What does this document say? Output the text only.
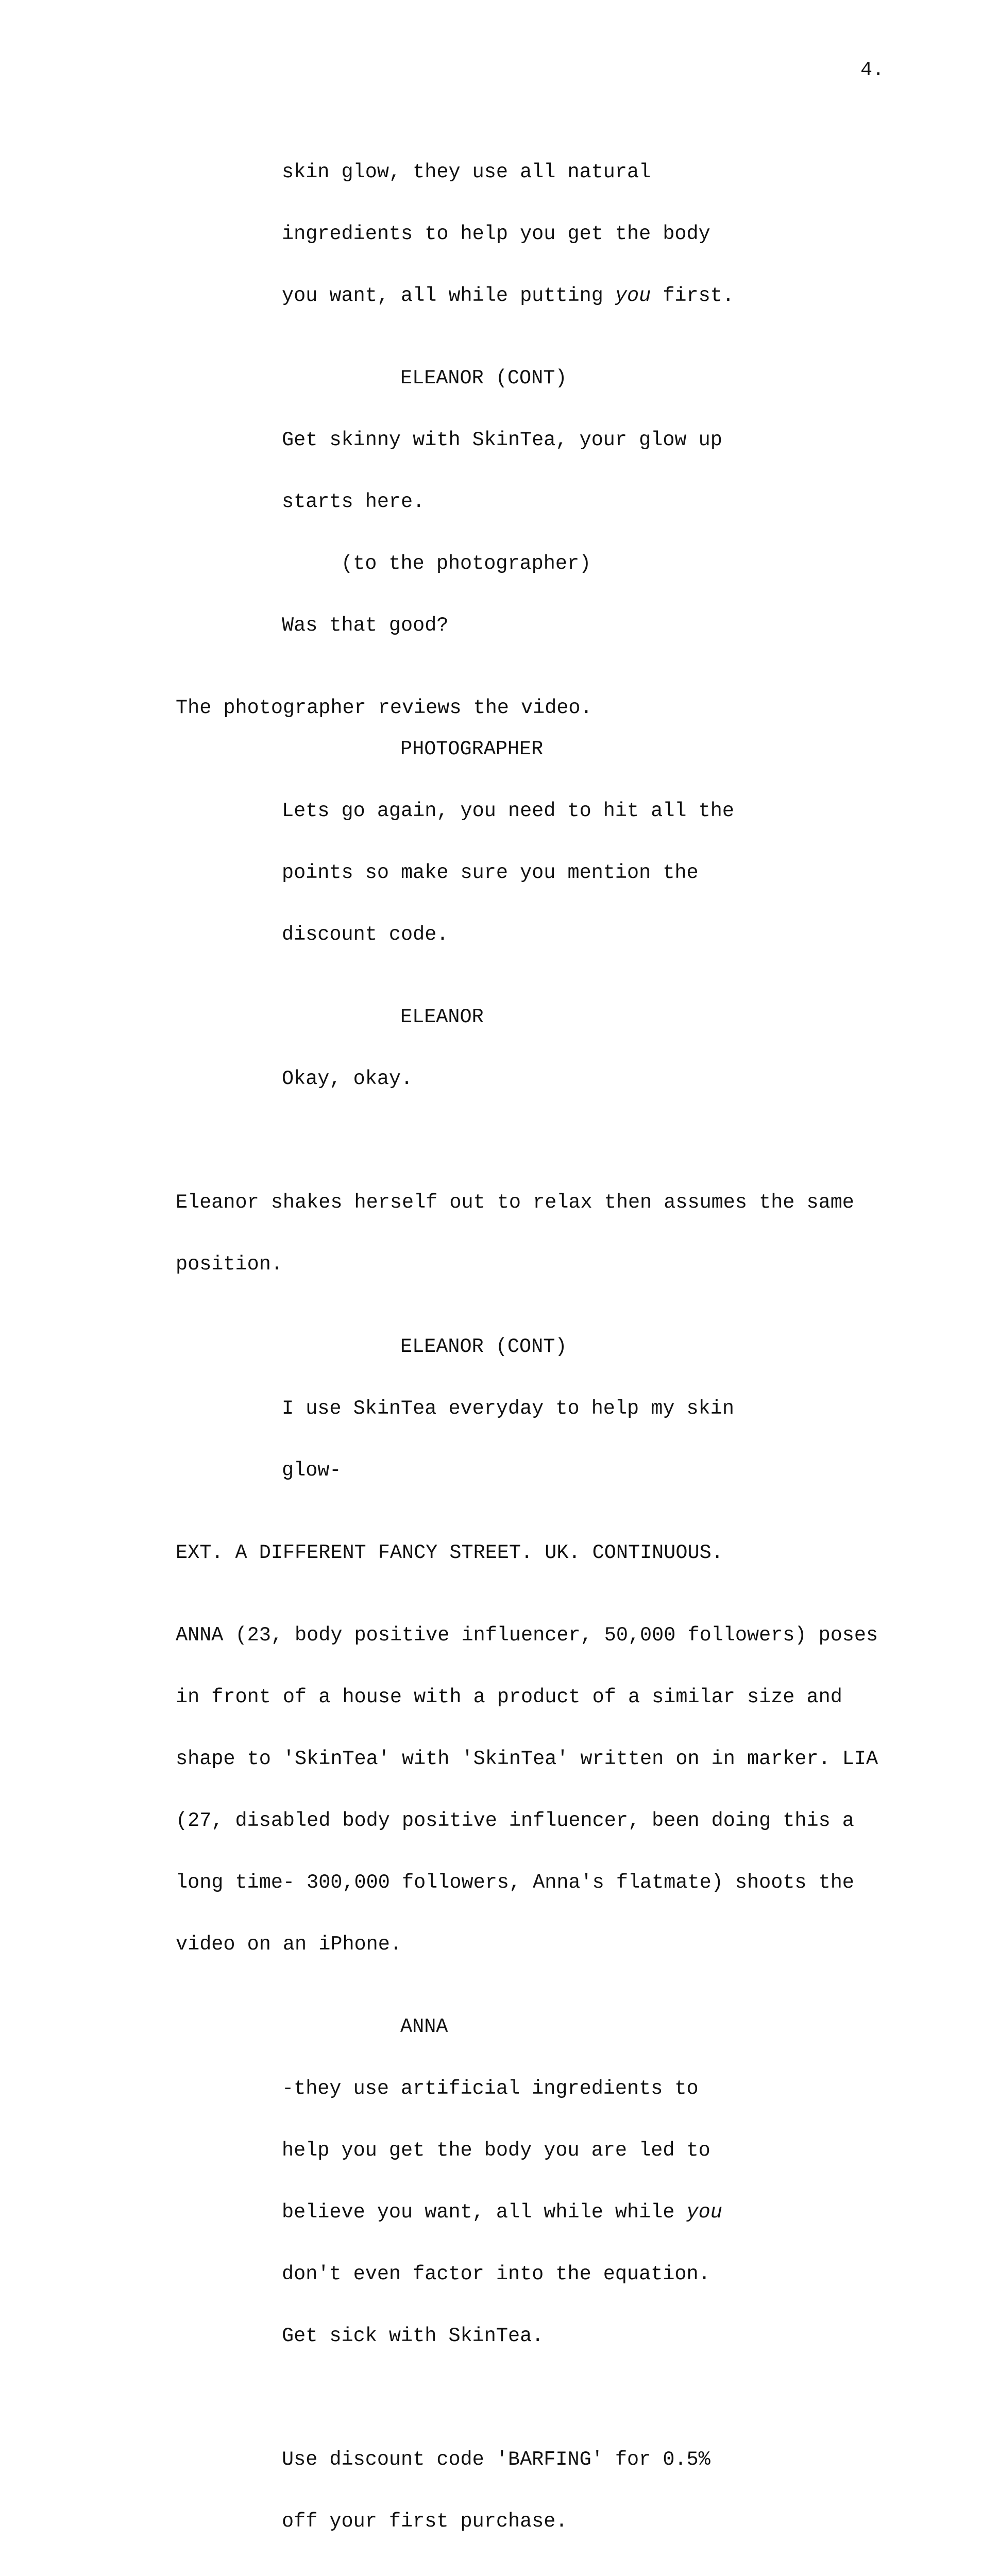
4.

skin glow, they use all natural

ingredients to help you get the body

you want, all while putting you first.

ELEANOR (CONT)

Get skinny with SkinTea, your glow up

starts here.

(to the photographer)

Was that good?

The photographer reviews the video.
PHOTOGRAPHER

Lets go again, you need to hit all the

points so make sure you mention the

discount code.

ELEANOR

Okay, okay.

Eleanor shakes herself out to relax then assumes the same

position.

ELEANOR (CONT)

I use SkinTea everyday to help my skin

glow-

EXT. A DIFFERENT FANCY STREET. UK. CONTINUOUS.

ANNA (23, body positive influencer, 50,000 followers) poses

in front of a house with a product of a similar size and

shape to 'SkinTea' with 'SkinTea' written on in marker. LIA

(27, disabled body positive influencer, been doing this a

long time- 300,000 followers, Anna's flatmate) shoots the

video on an iPhone.

ANNA

-they use artificial ingredients to

help you get the body you are led to

believe you want, all while while you

don't even factor into the equation.

Get sick with SkinTea.

Use discount code 'BARFING' for 0.5%

off your first purchase.
